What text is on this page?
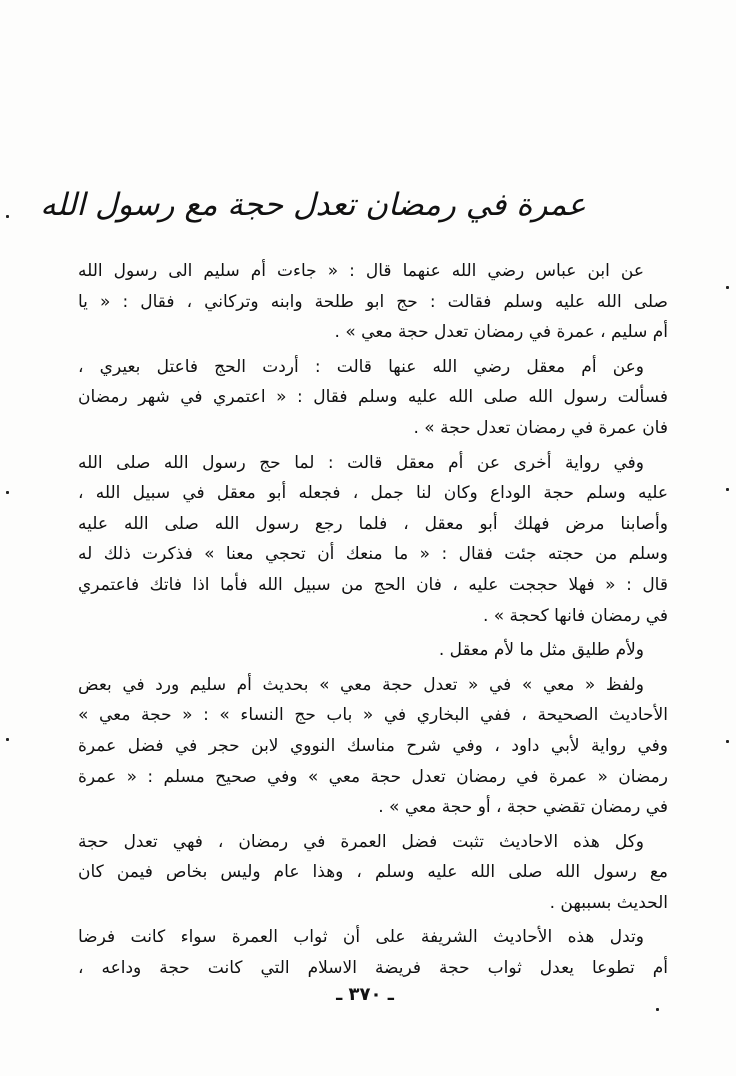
عمرة في رمضان تعدل حجة مع رسول الله
عن ابن عباس رضي الله عنهما قال : « جاءت أم سليم الى رسول الله
صلى الله عليه وسلم فقالت : حج ابو طلحة وابنه وتركاني ، فقال : « يا
أم سليم ، عمرة في رمضان تعدل حجة معي » .
وعن أم معقل رضي الله عنها قالت : أردت الحج فاعتل بعيري ،
فسألت رسول الله صلى الله عليه وسلم فقال : « اعتمري في شهر رمضان
فان عمرة في رمضان تعدل حجة » .
وفي رواية أخرى عن أم معقل قالت : لما حج رسول الله صلى الله
عليه وسلم حجة الوداع وكان لنا جمل ، فجعله أبو معقل في سبيل الله ،
وأصابنا مرض فهلك أبو معقل ، فلما رجع رسول الله صلى الله عليه
وسلم من حجته جئت فقال : « ما منعك أن تحجي معنا » فذكرت ذلك له
قال : « فهلا حججت عليه ، فان الحج من سبيل الله فأما اذا فاتك فاعتمري
في رمضان فانها كحجة » .
ولأم طليق مثل ما لأم معقل .
ولفظ « معي » في « تعدل حجة معي » بحديث أم سليم ورد في بعض
الأحاديث الصحيحة ، ففي البخاري في « باب حج النساء » : « حجة معي »
وفي رواية لأبي داود ، وفي شرح مناسك النووي لابن حجر في فضل عمرة
رمضان « عمرة في رمضان تعدل حجة معي » وفي صحيح مسلم : « عمرة
في رمضان تقضي حجة ، أو حجة معي » .
وكل هذه الاحاديث تثبت فضل العمرة في رمضان ، فهي تعدل حجة
مع رسول الله صلى الله عليه وسلم ، وهذا عام وليس بخاص فيمن كان
الحديث بسببهن .
وتدل هذه الأحاديث الشريفة على أن ثواب العمرة سواء كانت فرضا
أم تطوعا يعدل ثواب حجة فريضة الاسلام التي كانت حجة وداعه ،
ـ ٣٧٠ ـ
